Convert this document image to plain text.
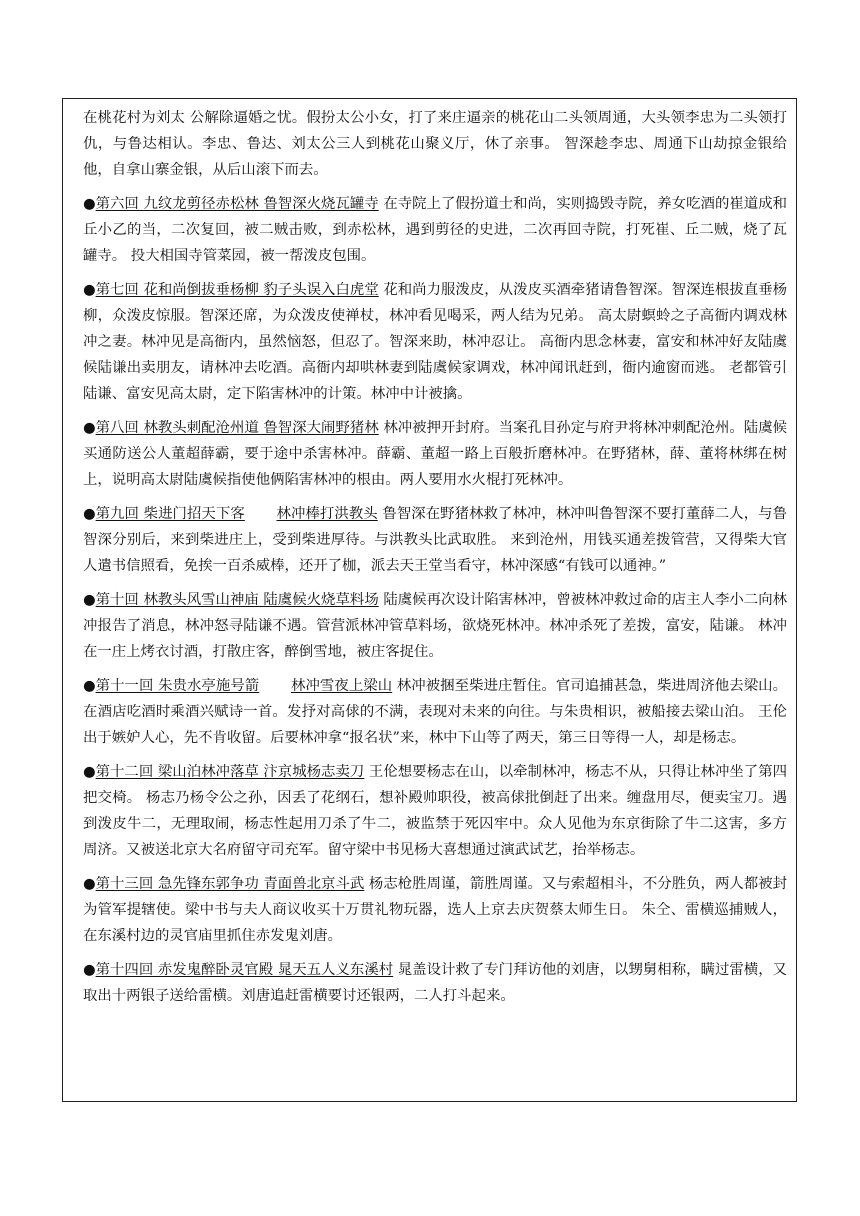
在桃花村为刘太 公解除逼婚之忧。假扮太公小女，打了来庄逼亲的桃花山二头领周通，大头领李忠为二头领打仇，与鲁达相认。李忠、鲁达、刘太公三人到桃花山聚义厅，休了亲事。 智深趁李忠、周通下山劫掠金银给他，自拿山寨金银，从后山滚下而去。

●第六回 九纹龙剪径赤松林 鲁智深火烧瓦罐寺 在寺院上了假扮道士和尚，实则捣毁寺院，养女吃酒的崔道成和丘小乙的当，二次复回，被二贼击败，到赤松林，遇到剪径的史进，二次再回寺院，打死崔、丘二贼，烧了瓦罐寺。 投大相国寺管菜园，被一帮泼皮包围。

●第七回 花和尚倒拔垂杨柳 豹子头误入白虎堂 花和尚力服泼皮，从泼皮买酒牵猪请鲁智深。智深连根拔直垂杨柳，众泼皮惊服。智深还席，为众泼皮使禅杖，林冲看见喝采，两人结为兄弟。 高太尉螟蛉之子高衙内调戏林冲之妻。林冲见是高衙内，虽然恼怒，但忍了。智深来助，林冲忍让。 高衙内思念林妻，富安和林冲好友陆虞候陆谦出卖朋友，请林冲去吃酒。高衙内却哄林妻到陆虞候家调戏，林冲闻讯赶到，衙内逾窗而逃。 老都管引陆谦、富安见高太尉，定下陷害林冲的计策。林冲中计被擒。

●第八回 林教头刺配沧州道 鲁智深大闹野猪林 林冲被押开封府。当案孔目孙定与府尹将林冲刺配沧州。陆虞候买通防送公人董超薛霸，要于途中杀害林冲。薛霸、董超一路上百般折磨林冲。在野猪林，薛、董将林绑在树上，说明高太尉陆虞候指使他俩陷害林冲的根由。两人要用水火棍打死林冲。

●第九回 柴进门招天下客 林冲棒打洪教头 鲁智深在野猪林救了林冲，林冲叫鲁智深不要打董薛二人，与鲁智深分别后，来到柴进庄上，受到柴进厚待。与洪教头比武取胜。 来到沧州，用钱买通差拨管营，又得柴大官人遣书信照看，免挨一百杀威棒，还开了枷，派去天王堂当看守，林冲深感“有钱可以通神。”

●第十回 林教头风雪山神庙 陆虞候火烧草料场 陆虞候再次设计陷害林冲，曾被林冲救过命的店主人李小二向林冲报告了消息，林冲怒寻陆谦不遇。管营派林冲管草料场，欲烧死林冲。林冲杀死了差拨，富安，陆谦。 林冲在一庄上烤衣讨酒，打散庄客，醉倒雪地，被庄客捉住。

●第十一回 朱贵水亭施号箭 林冲雪夜上梁山 林冲被捆至柴进庄暂住。官司追捕甚急，柴进周济他去梁山。 在酒店吃酒时乘酒兴赋诗一首。发抒对高俅的不满，表现对未来的向往。与朱贵相识，被船接去梁山泊。 王伦出于嫉妒人心，先不肯收留。后要林冲拿“报名状”来，林中下山等了两天，第三日等得一人，却是杨志。

●第十二回 梁山泊林冲落草 汴京城杨志卖刀 王伦想要杨志在山，以牵制林冲，杨志不从，只得让林冲坐了第四把交椅。 杨志乃杨令公之孙，因丢了花纲石，想补殿帅职役，被高俅批倒赶了出来。缠盘用尽，便卖宝刀。遇到泼皮牛二，无理取闹，杨志性起用刀杀了牛二，被监禁于死囚牢中。众人见他为东京街除了牛二这害，多方周济。又被送北京大名府留守司充军。留守梁中书见杨大喜想通过演武试艺，抬举杨志。

●第十三回 急先锋东郭争功 青面兽北京斗武 杨志枪胜周谨，箭胜周谨。又与索超相斗，不分胜负，两人都被封为管军提辖使。梁中书与夫人商议收买十万贯礼物玩器，选人上京去庆贺蔡太师生日。 朱仝、雷横巡捕贼人，在东溪村边的灵官庙里抓住赤发鬼刘唐。

●第十四回 赤发鬼醉卧灵官殿 晁天五人义东溪村 晁盖设计救了专门拜访他的刘唐，以甥舅相称，瞒过雷横，又取出十两银子送给雷横。刘唐追赶雷横要讨还银两，二人打斗起来。
